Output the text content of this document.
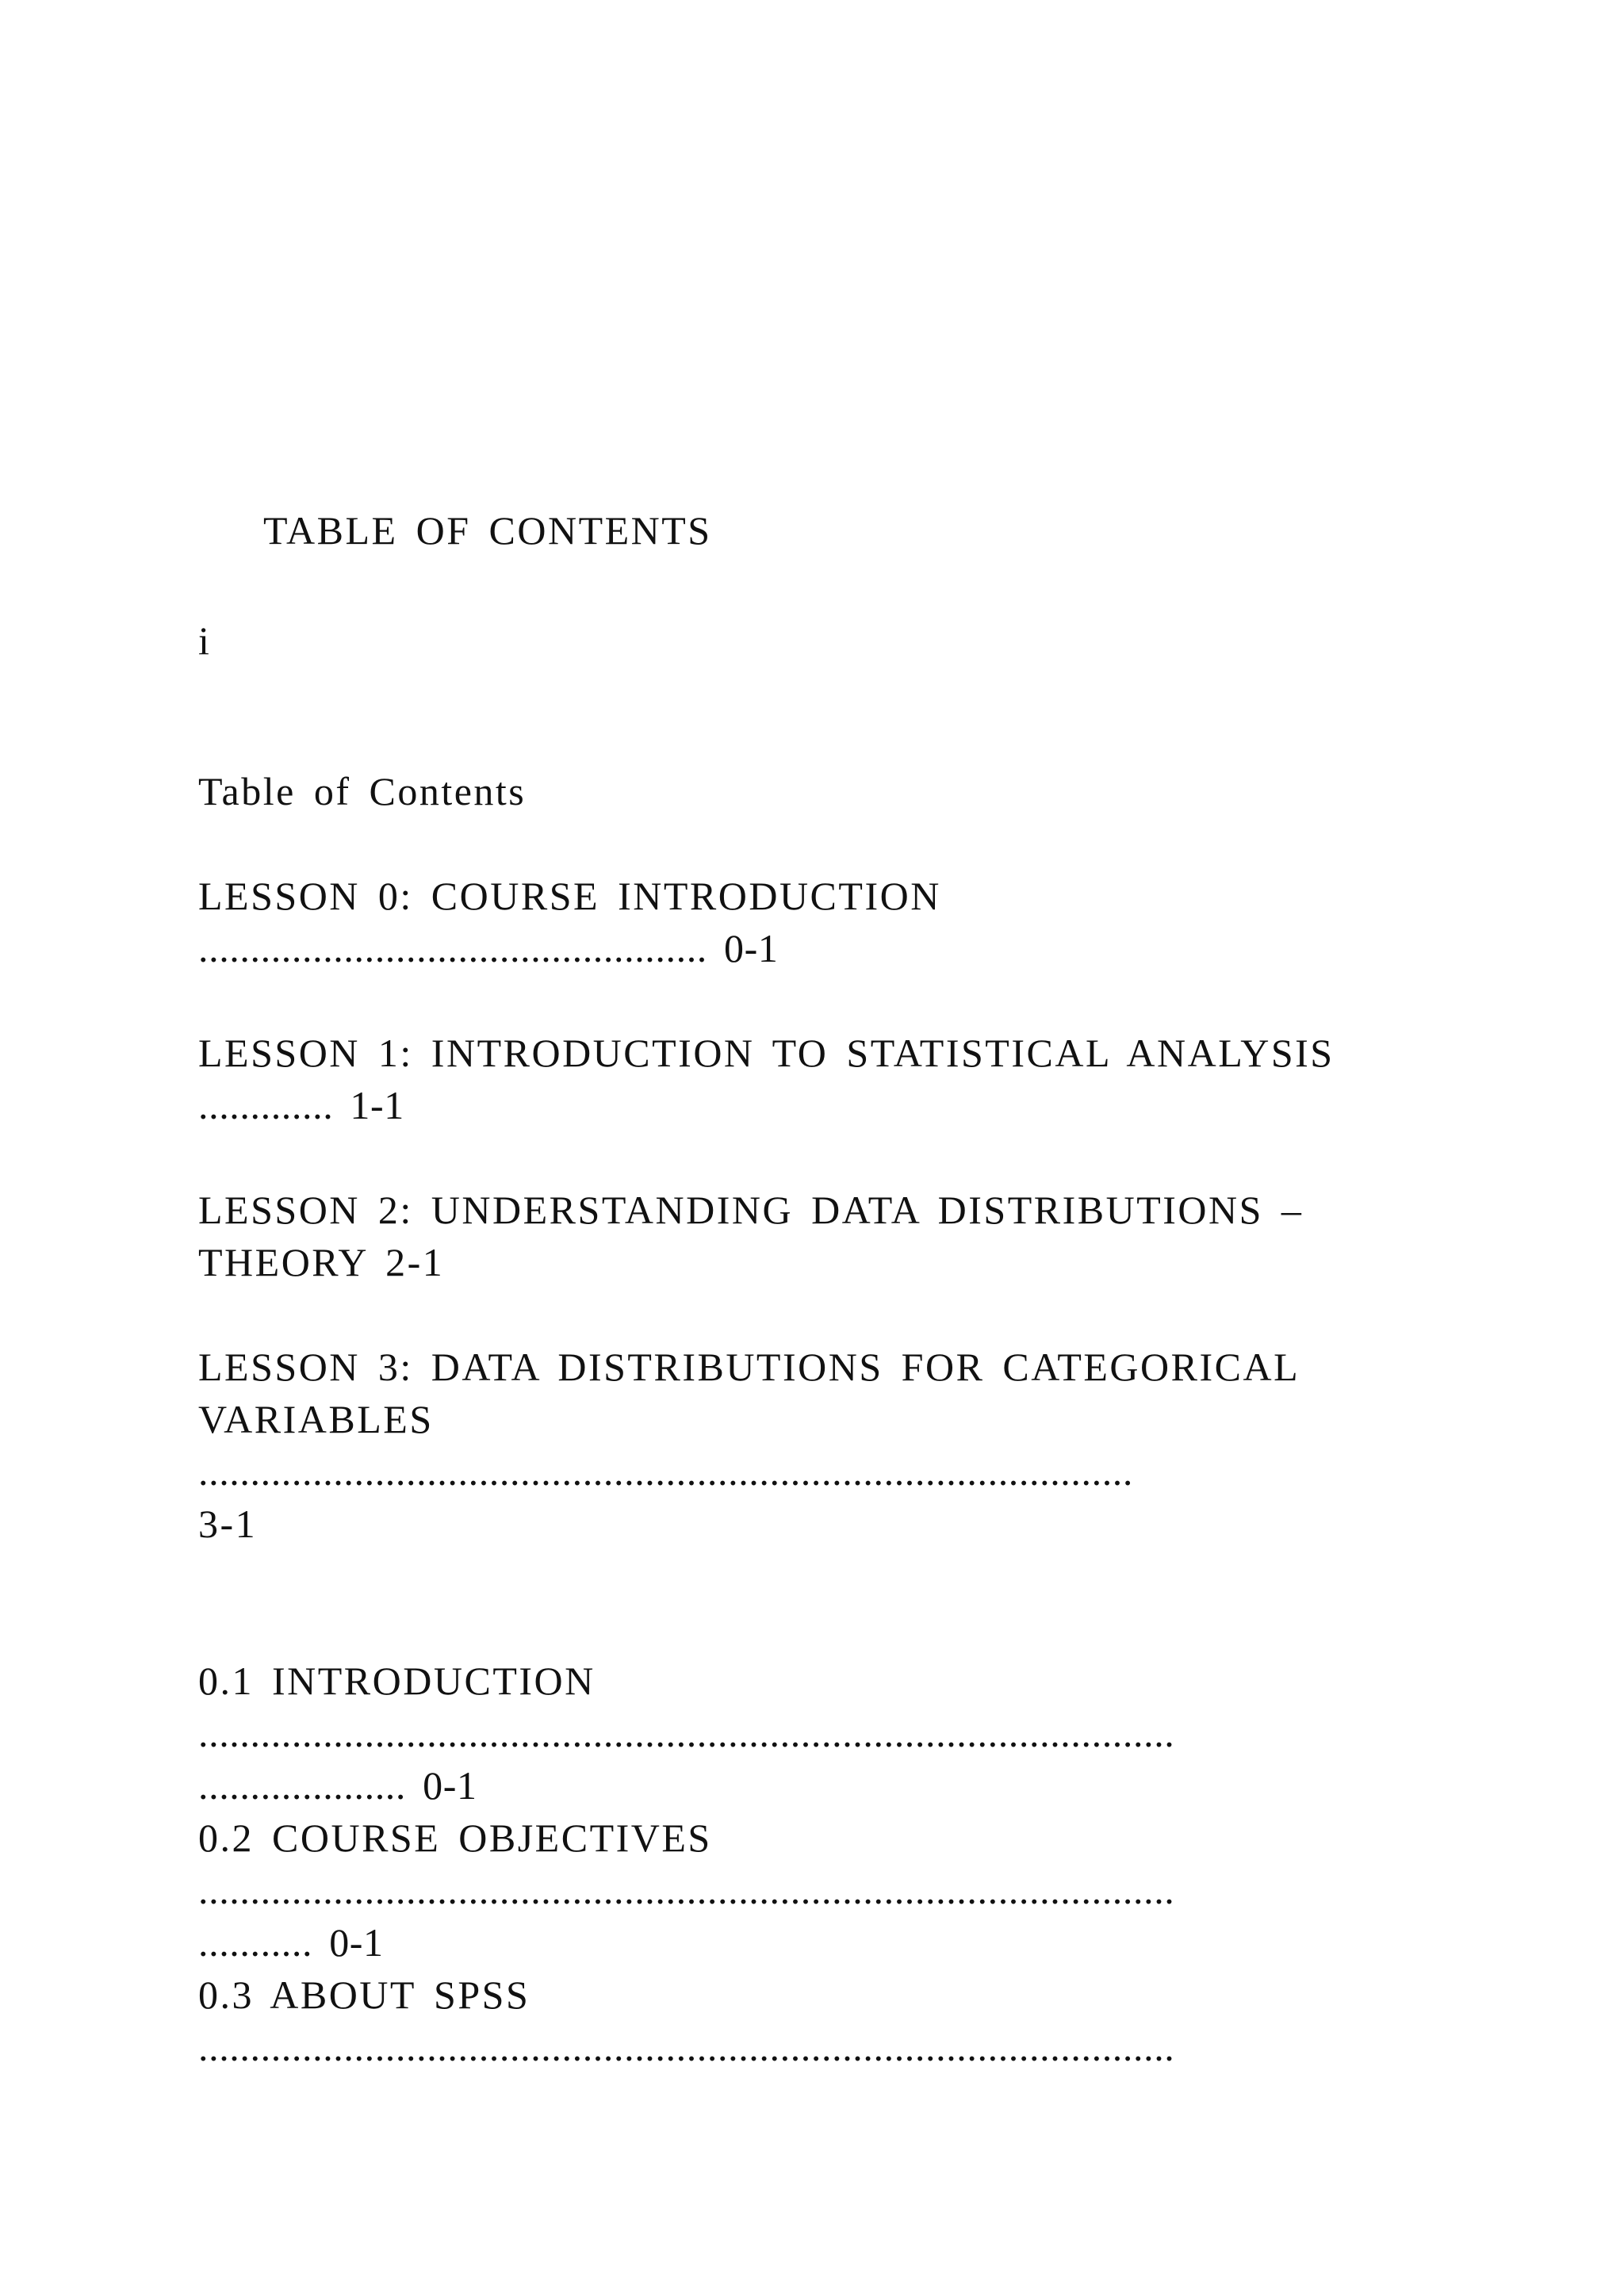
TABLE OF CONTENTS

i

Table of Contents

LESSON 0: COURSE INTRODUCTION

................................................. 0-1

LESSON 1: INTRODUCTION TO STATISTICAL ANALYSIS

............. 1-1

LESSON 2: UNDERSTANDING DATA DISTRIBUTIONS –

THEORY 2-1

LESSON 3: DATA DISTRIBUTIONS FOR CATEGORICAL

VARIABLES

..........................................................................................

3-1

0.1 INTRODUCTION

..............................................................................................

.................... 0-1

0.2 COURSE OBJECTIVES

..............................................................................................

........... 0-1

0.3 ABOUT SPSS

..............................................................................................
